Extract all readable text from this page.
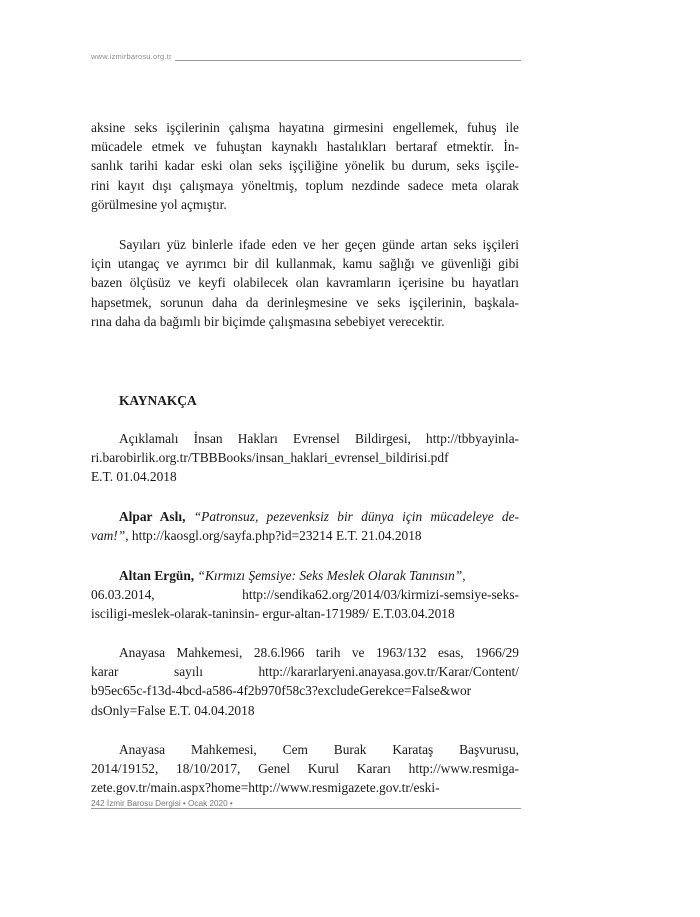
www.izmirbarosu.org.tr

aksine seks işçilerinin çalışma hayatına girmesini engellemek, fuhuş ile
mücadele etmek ve fuhuştan kaynaklı hastalıkları bertaraf etmektir. İn-
sanlık tarihi kadar eski olan seks işçiliğine yönelik bu durum, seks işçile-
rini kayıt dışı çalışmaya yöneltmiş, toplum nezdinde sadece meta olarak
görülmesine yol açmıştır.

Sayıları yüz binlerle ifade eden ve her geçen günde artan seks işçileri
için utangaç ve ayrımcı bir dil kullanmak, kamu sağlığı ve güvenliği gibi
bazen ölçüsüz ve keyfi olabilecek olan kavramların içerisine bu hayatları
hapsetmek, sorunun daha da derinleşmesine ve seks işçilerinin, başkala-
rına daha da bağımlı bir biçimde çalışmasına sebebiyet verecektir.

KAYNAKÇA

Açıklamalı İnsan Hakları Evrensel Bildirgesi, http://tbbyayinla-
ri.barobirlik.org.tr/TBBBooks/insan_haklari_evrensel_bildirisi.pdf
E.T. 01.04.2018

Alpar Aslı, “Patronsuz, pezevenksiz bir dünya için mücadeleye de-
vam!”, http://kaosgl.org/sayfa.php?id=23214 E.T. 21.04.2018

Altan Ergün, “Kırmızı Şemsiye: Seks Meslek Olarak Tanınsın”,
06.03.2014, http://sendika62.org/2014/03/kirmizi-semsiye-seks-
isciligi-meslek-olarak-taninsin- ergur-altan-171989/ E.T.03.04.2018

Anayasa Mahkemesi, 28.6.l966 tarih ve 1963/132 esas, 1966/29
karar sayılı http://kararlaryeni.anayasa.gov.tr/Karar/Content/
b95ec65c-f13d-4bcd-a586-4f2b970f58c3?excludeGerekce=False&wor
dsOnly=False E.T. 04.04.2018

Anayasa Mahkemesi, Cem Burak Karataş Başvurusu,
2014/19152, 18/10/2017, Genel Kurul Kararı http://www.resmiga-
zete.gov.tr/main.aspx?home=http://www.resmigazete.gov.tr/eski-

242 İzmir Barosu Dergisi • Ocak 2020 •
